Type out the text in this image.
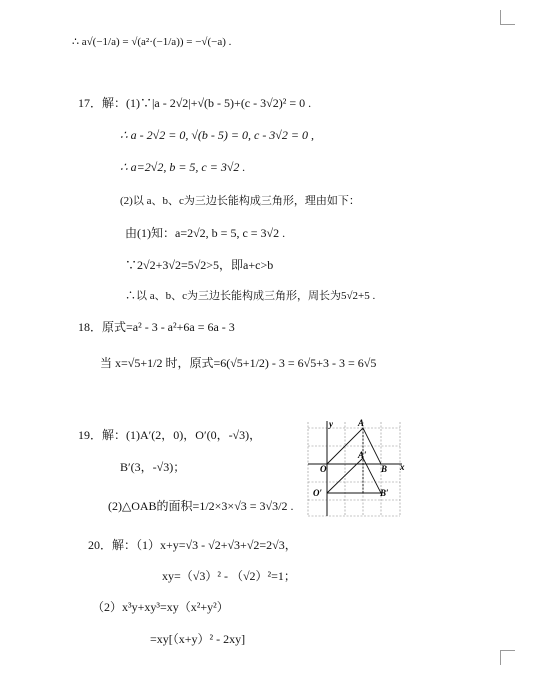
∴ a√(−1/a) = √(a²·(−1/a)) = −√(−a) .
17．解：(1)∵|a - 2√2|+√(b - 5)+(c - 3√2)² = 0 .
∴ a - 2√2 = 0, √(b - 5) = 0, c - 3√2 = 0 ,
∴ a=2√2, b = 5, c = 3√2 .
(2)以 a、b、c为三边长能构成三角形，理由如下：
由(1)知：a=2√2, b = 5, c = 3√2 .
∵2√2+3√2=5√2>5，即a+c>b
∴以 a、b、c为三边长能构成三角形，周长为5√2+5 .
18．原式=a² - 3 - a²+6a = 6a - 3
当 x=√5+1/2 时，原式=6(√5+1/2) - 3 = 6√5+3 - 3 = 6√5
19．解：(1)A′(2，0)，O′(0，-√3)，
B′(3，-√3)；
(2)△OAB的面积=1/2×3×√3 = 3√3/2 .
y
x
A
A′
O	B
O′	B′
20．解：（1）x+y=√3 - √2+√3+√2=2√3，
xy=（√3）² - （√2）²=1；
（2）x³y+xy³=xy（x²+y²）
=xy[（x+y）² - 2xy]
